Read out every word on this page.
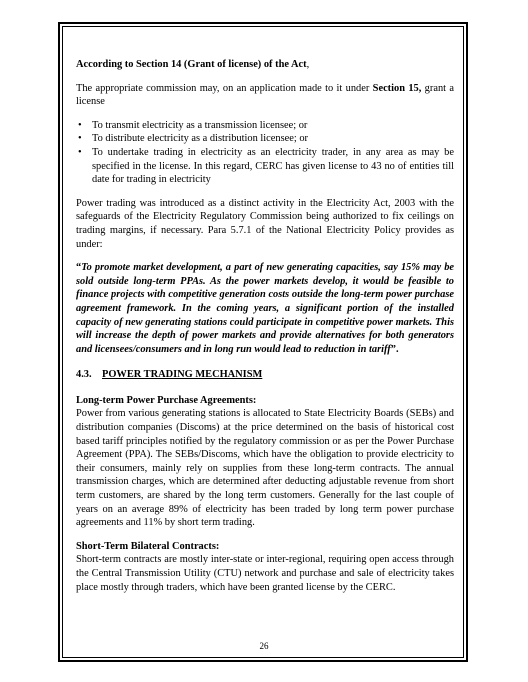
According to Section 14 (Grant of license) of the Act,

The appropriate commission may, on an application made to it under Section 15, grant a license

• To transmit electricity as a transmission licensee; or
• To distribute electricity as a distribution licensee; or
• To undertake trading in electricity as an electricity trader, in any area as may be specified in the license. In this regard, CERC has given license to 43 no of entities till date for trading in electricity

Power trading was introduced as a distinct activity in the Electricity Act, 2003 with the safeguards of the Electricity Regulatory Commission being authorized to fix ceilings on trading margins, if necessary. Para 5.7.1 of the National Electricity Policy provides as under:

“To promote market development, a part of new generating capacities, say 15% may be sold outside long-term PPAs. As the power markets develop, it would be feasible to finance projects with competitive generation costs outside the long-term power purchase agreement framework. In the coming years, a significant portion of the installed capacity of new generating stations could participate in competitive power markets. This will increase the depth of power markets and provide alternatives for both generators and licensees/consumers and in long run would lead to reduction in tariff”.

4.3. POWER TRADING MECHANISM

Long-term Power Purchase Agreements:

Power from various generating stations is allocated to State Electricity Boards (SEBs) and distribution companies (Discoms) at the price determined on the basis of historical cost based tariff principles notified by the regulatory commission or as per the Power Purchase Agreement (PPA). The SEBs/Discoms, which have the obligation to provide electricity to their consumers, mainly rely on supplies from these long-term contracts. The annual transmission charges, which are determined after deducting adjustable revenue from short term customers, are shared by the long term customers. Generally for the last couple of years on an average 89% of electricity has been traded by long term power purchase agreements and 11% by short term trading.

Short-Term Bilateral Contracts:

Short-term contracts are mostly inter-state or inter-regional, requiring open access through the Central Transmission Utility (CTU) network and purchase and sale of electricity takes place mostly through traders, which have been granted license by the CERC.

26
